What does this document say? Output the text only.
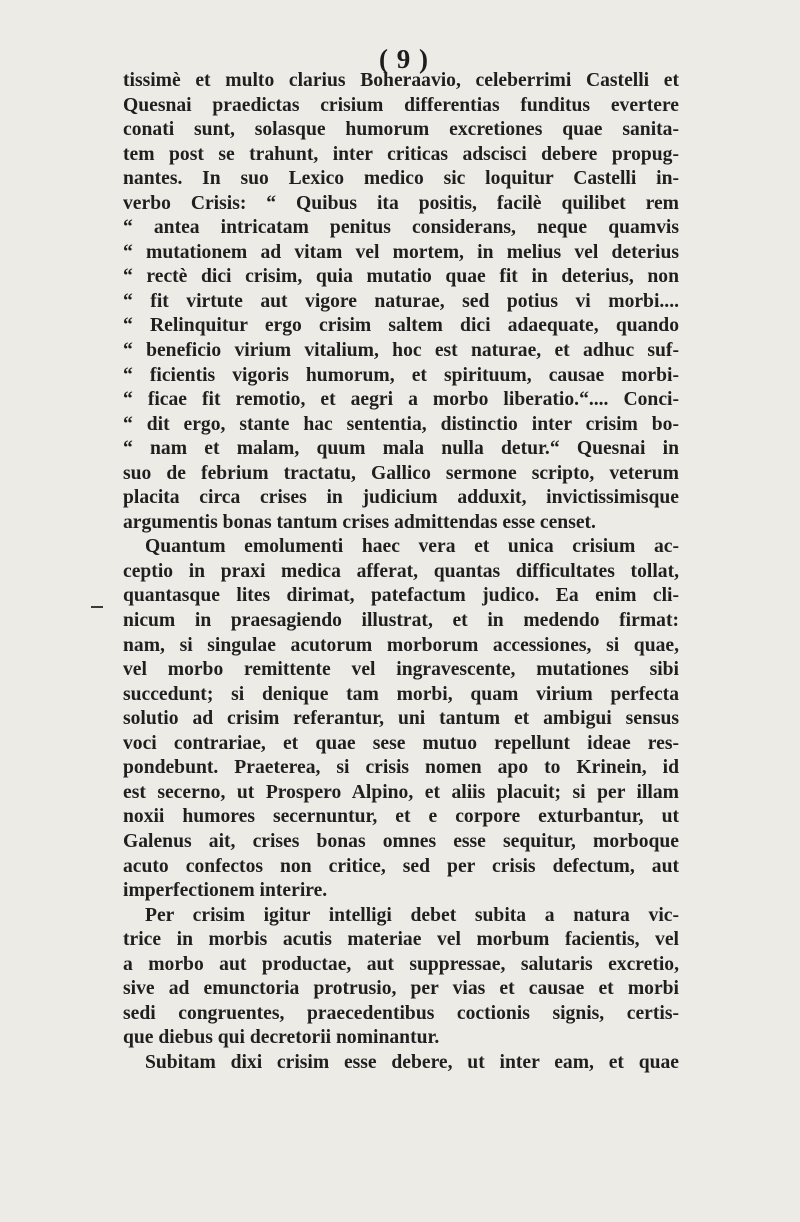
( 9 )
tissimè et multo clarius Boheraavio, celeberrimi Castelli et
Quesnai praedictas crisium differentias funditus evertere
conati sunt, solasque humorum excretiones quae sanita-
tem post se trahunt, inter criticas adscisci debere propug-
nantes. In suo Lexico medico sic loquitur Castelli in-
verbo Crisis: “ Quibus ita positis, facilè quilibet rem
“ antea intricatam penitus considerans, neque quamvis
“ mutationem ad vitam vel mortem, in melius vel deterius
“ rectè dici crisim, quia mutatio quae fit in deterius, non
“ fit virtute aut vigore naturae, sed potius vi morbi....
“ Relinquitur ergo crisim saltem dici adaequate, quando
“ beneficio virium vitalium, hoc est naturae, et adhuc suf-
“ ficientis vigoris humorum, et spirituum, causae morbi-
“ ficae fit remotio, et aegri a morbo liberatio.“.... Conci-
“ dit ergo, stante hac sententia, distinctio inter crisim bo-
“ nam et malam, quum mala nulla detur.“ Quesnai in
suo de febrium tractatu, Gallico sermone scripto, veterum
placita circa crises in judicium adduxit, invictissimisque
argumentis bonas tantum crises admittendas esse censet.
Quantum emolumenti haec vera et unica crisium ac-
ceptio in praxi medica afferat, quantas difficultates tollat,
quantasque lites dirimat, patefactum judico. Ea enim cli-
nicum in praesagiendo illustrat, et in medendo firmat:
nam, si singulae acutorum morborum accessiones, si quae,
vel morbo remittente vel ingravescente, mutationes sibi
succedunt; si denique tam morbi, quam virium perfecta
solutio ad crisim referantur, uni tantum et ambigui sensus
voci contrariae, et quae sese mutuo repellunt ideae res-
pondebunt. Praeterea, si crisis nomen apo to Krinein, id
est secerno, ut Prospero Alpino, et aliis placuit; si per illam
noxii humores secernuntur, et e corpore exturbantur, ut
Galenus ait, crises bonas omnes esse sequitur, morboque
acuto confectos non critice, sed per crisis defectum, aut
imperfectionem interire.
Per crisim igitur intelligi debet subita a natura vic-
trice in morbis acutis materiae vel morbum facientis, vel
a morbo aut productae, aut suppressae, salutaris excretio,
sive ad emunctoria protrusio, per vias et causae et morbi
sedi congruentes, praecedentibus coctionis signis, certis-
que diebus qui decretorii nominantur.
Subitam dixi crisim esse debere, ut inter eam, et quae
